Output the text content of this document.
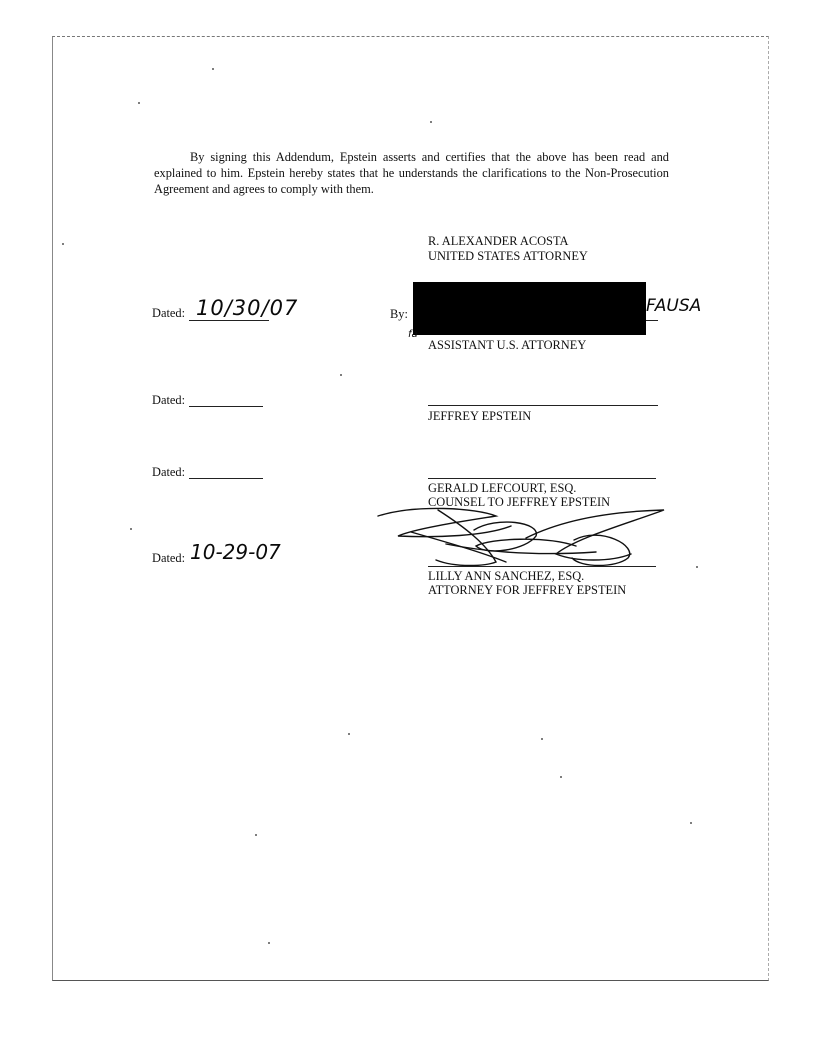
By signing this Addendum, Epstein asserts and certifies that the above has been read and explained to him. Epstein hereby states that he understands the clarifications to the Non-Prosecution Agreement and agrees to comply with them.

R. ALEXANDER ACOSTA
UNITED STATES ATTORNEY
Dated: 10/30/07	By:	FAUSA
fa
ASSISTANT U.S. ATTORNEY
Dated:
JEFFREY EPSTEIN
Dated:
GERALD LEFCOURT, ESQ.
COUNSEL TO JEFFREY EPSTEIN
Dated: 10-29-07
LILLY ANN SANCHEZ, ESQ.
ATTORNEY FOR JEFFREY EPSTEIN
